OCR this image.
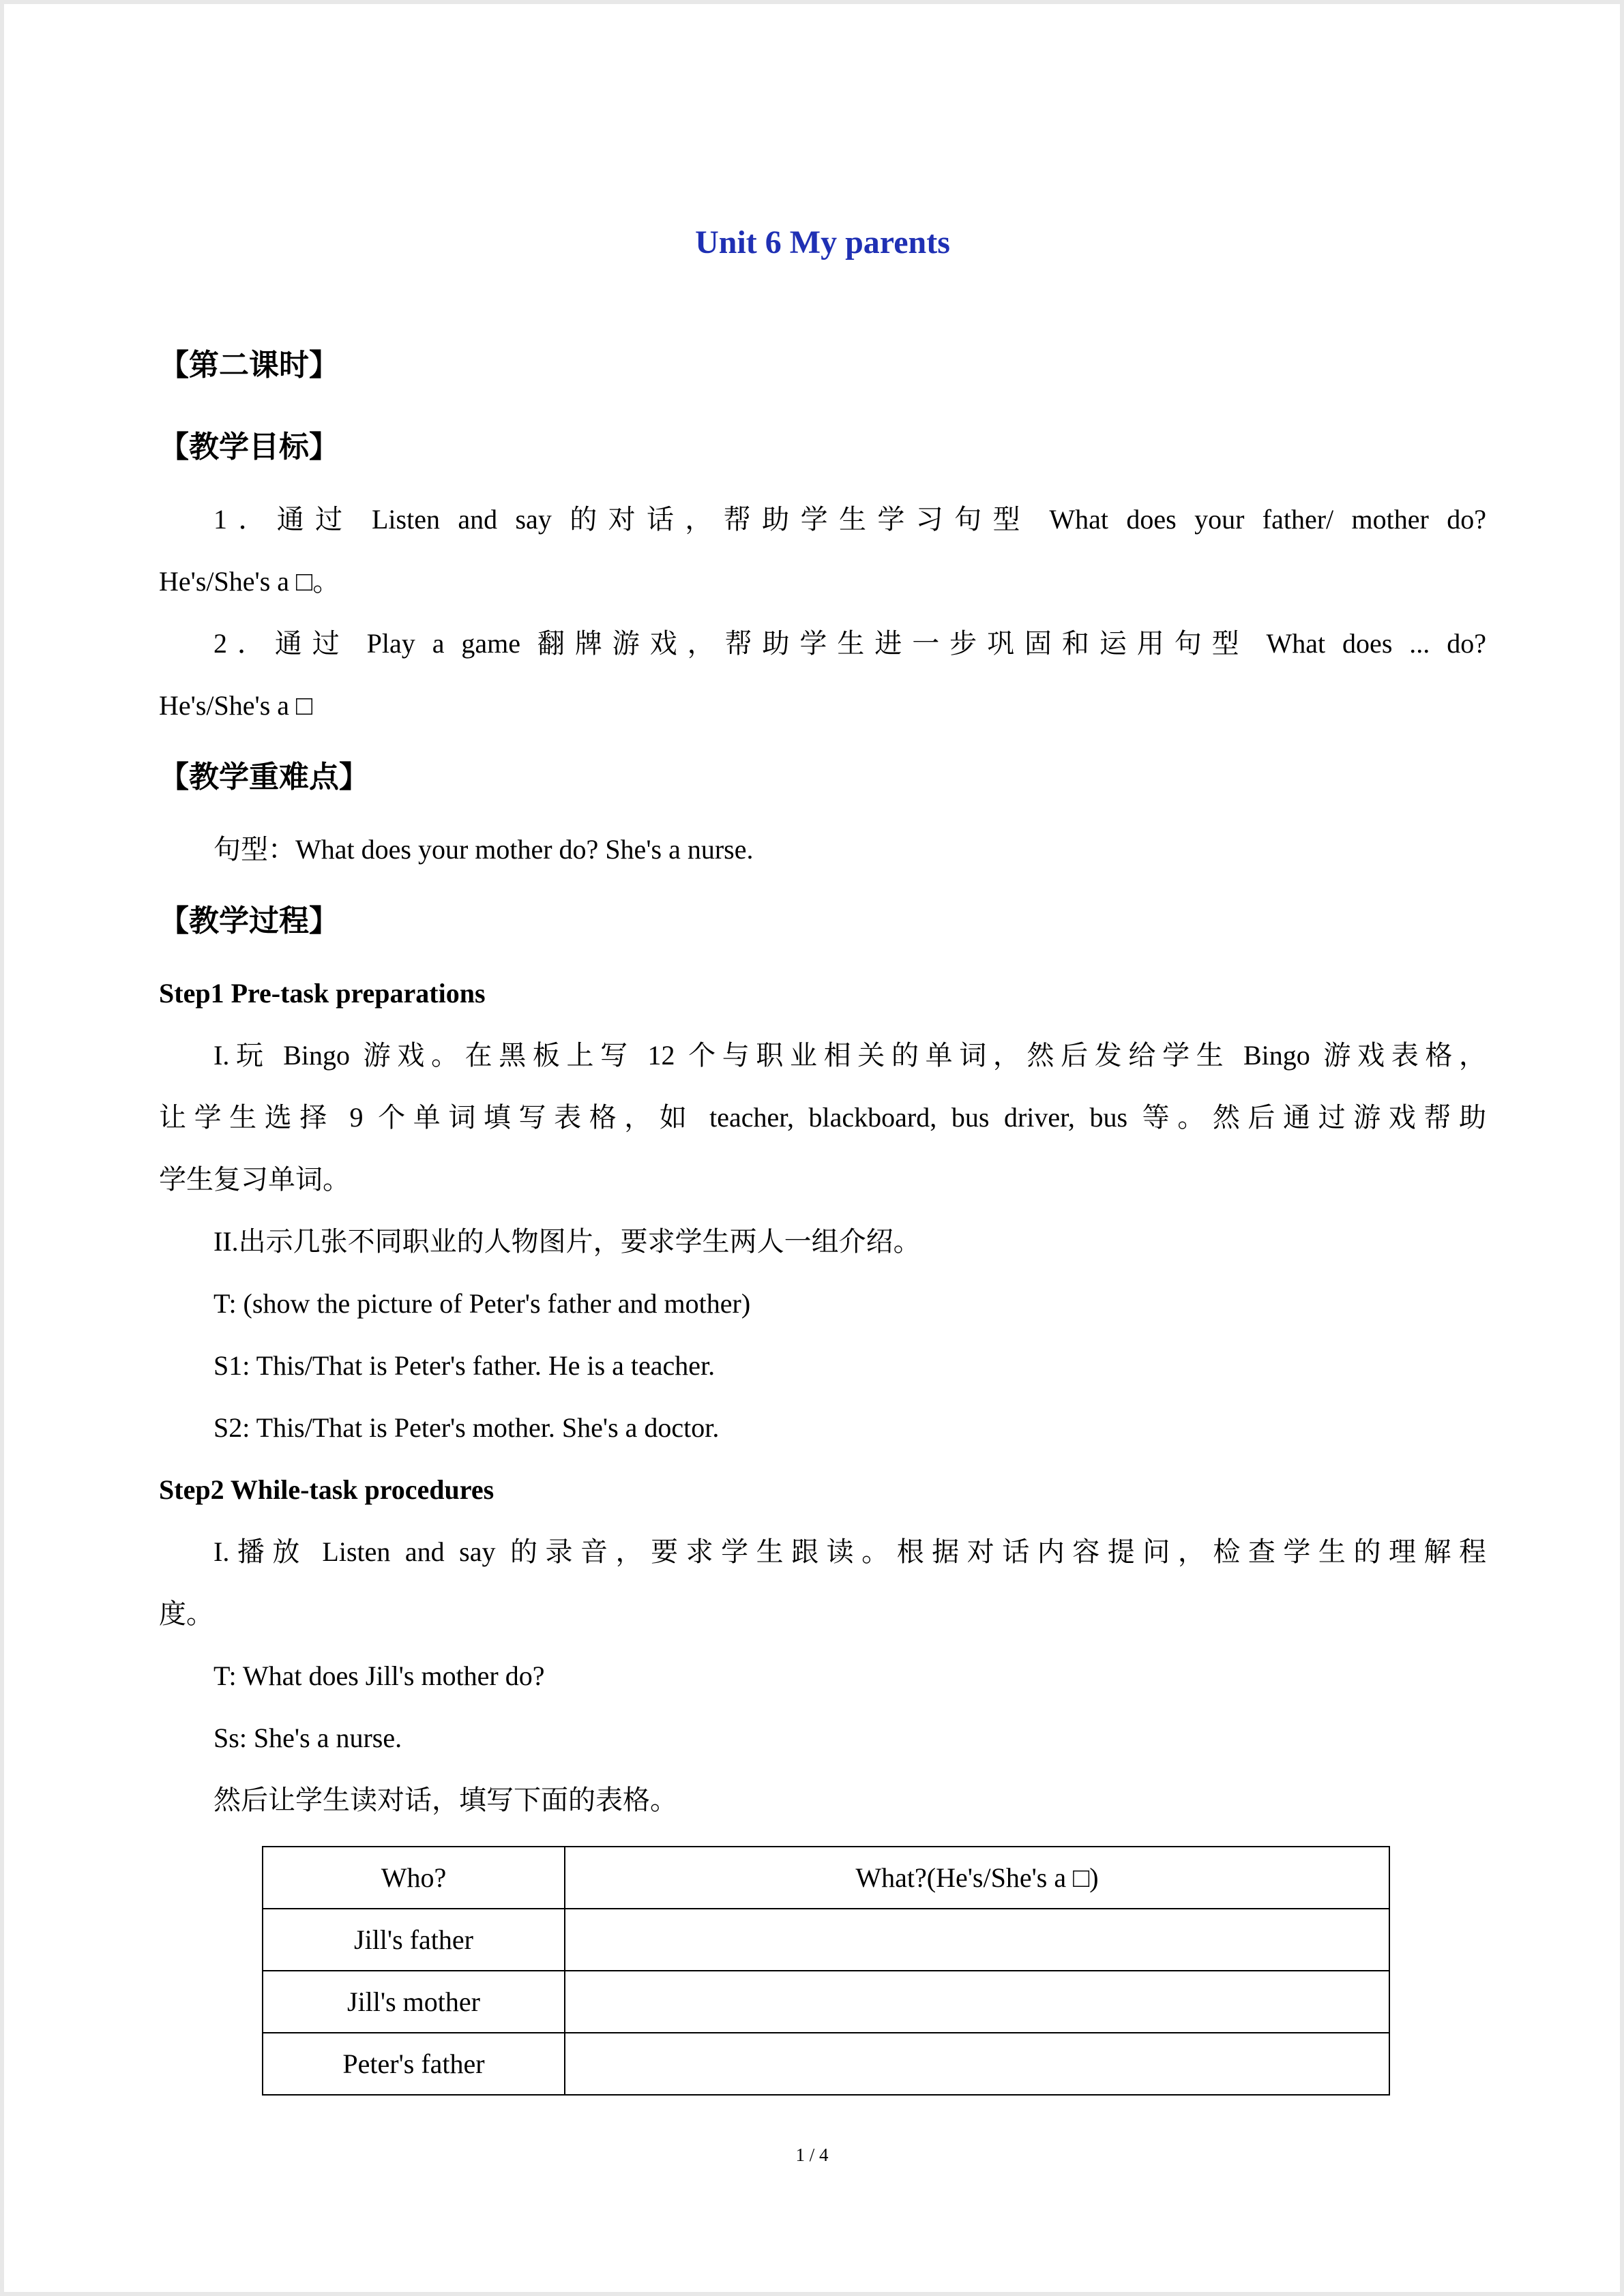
Unit 6 My parents
【第二课时】
【教学目标】

1．通过 Listen and say 的对话，帮助学生学习句型 What does your father/ mother do?
He's/She's a □。

2．通过 Play a game 翻牌游戏，帮助学生进一步巩固和运用句型 What does ... do?
He's/She's a □

【教学重难点】

句型：What does your mother do? She's a nurse.

【教学过程】

Step1 Pre-task preparations

I.玩 Bingo 游戏。在黑板上写 12 个与职业相关的单词，然后发给学生 Bingo 游戏表格，
让学生选择 9 个单词填写表格，如 teacher, blackboard, bus driver, bus 等。然后通过游戏帮助
学生复习单词。

II.出示几张不同职业的人物图片，要求学生两人一组介绍。

T: (show the picture of Peter's father and mother)

S1: This/That is Peter's father. He is a teacher.

S2: This/That is Peter's mother. She's a doctor.

Step2 While-task procedures

I.播放 Listen and say 的录音，要求学生跟读。根据对话内容提问，检查学生的理解程
度。

T: What does Jill's mother do?

Ss: She's a nurse.

然后让学生读对话，填写下面的表格。

Who?	What?(He's/She's a □)
Jill's father	
Jill's mother	
Peter's father	
1 / 4
